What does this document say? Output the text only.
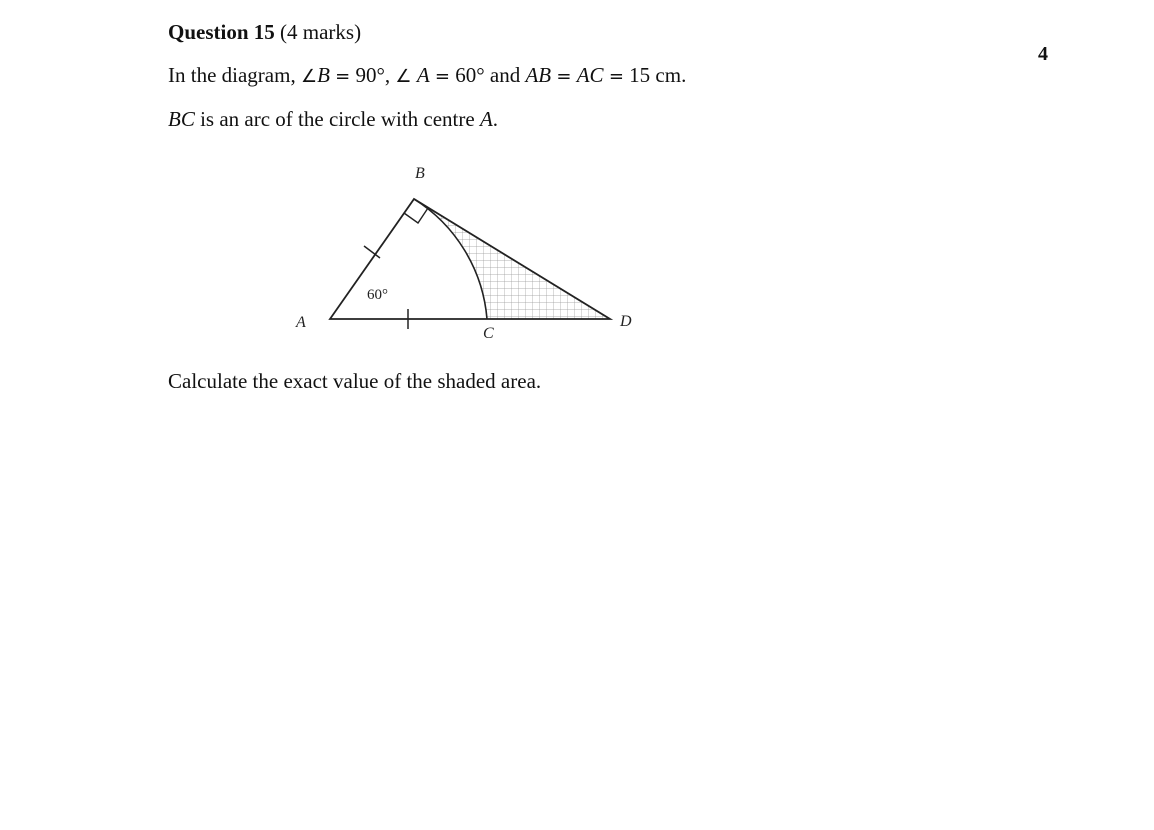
Question 15 (4 marks)
4
In the diagram, ∠B = 90°, ∠ A = 60° and AB = AC = 15 cm.
BC is an arc of the circle with centre A.
A
B
C
D
60°
Calculate the exact value of the shaded area.
